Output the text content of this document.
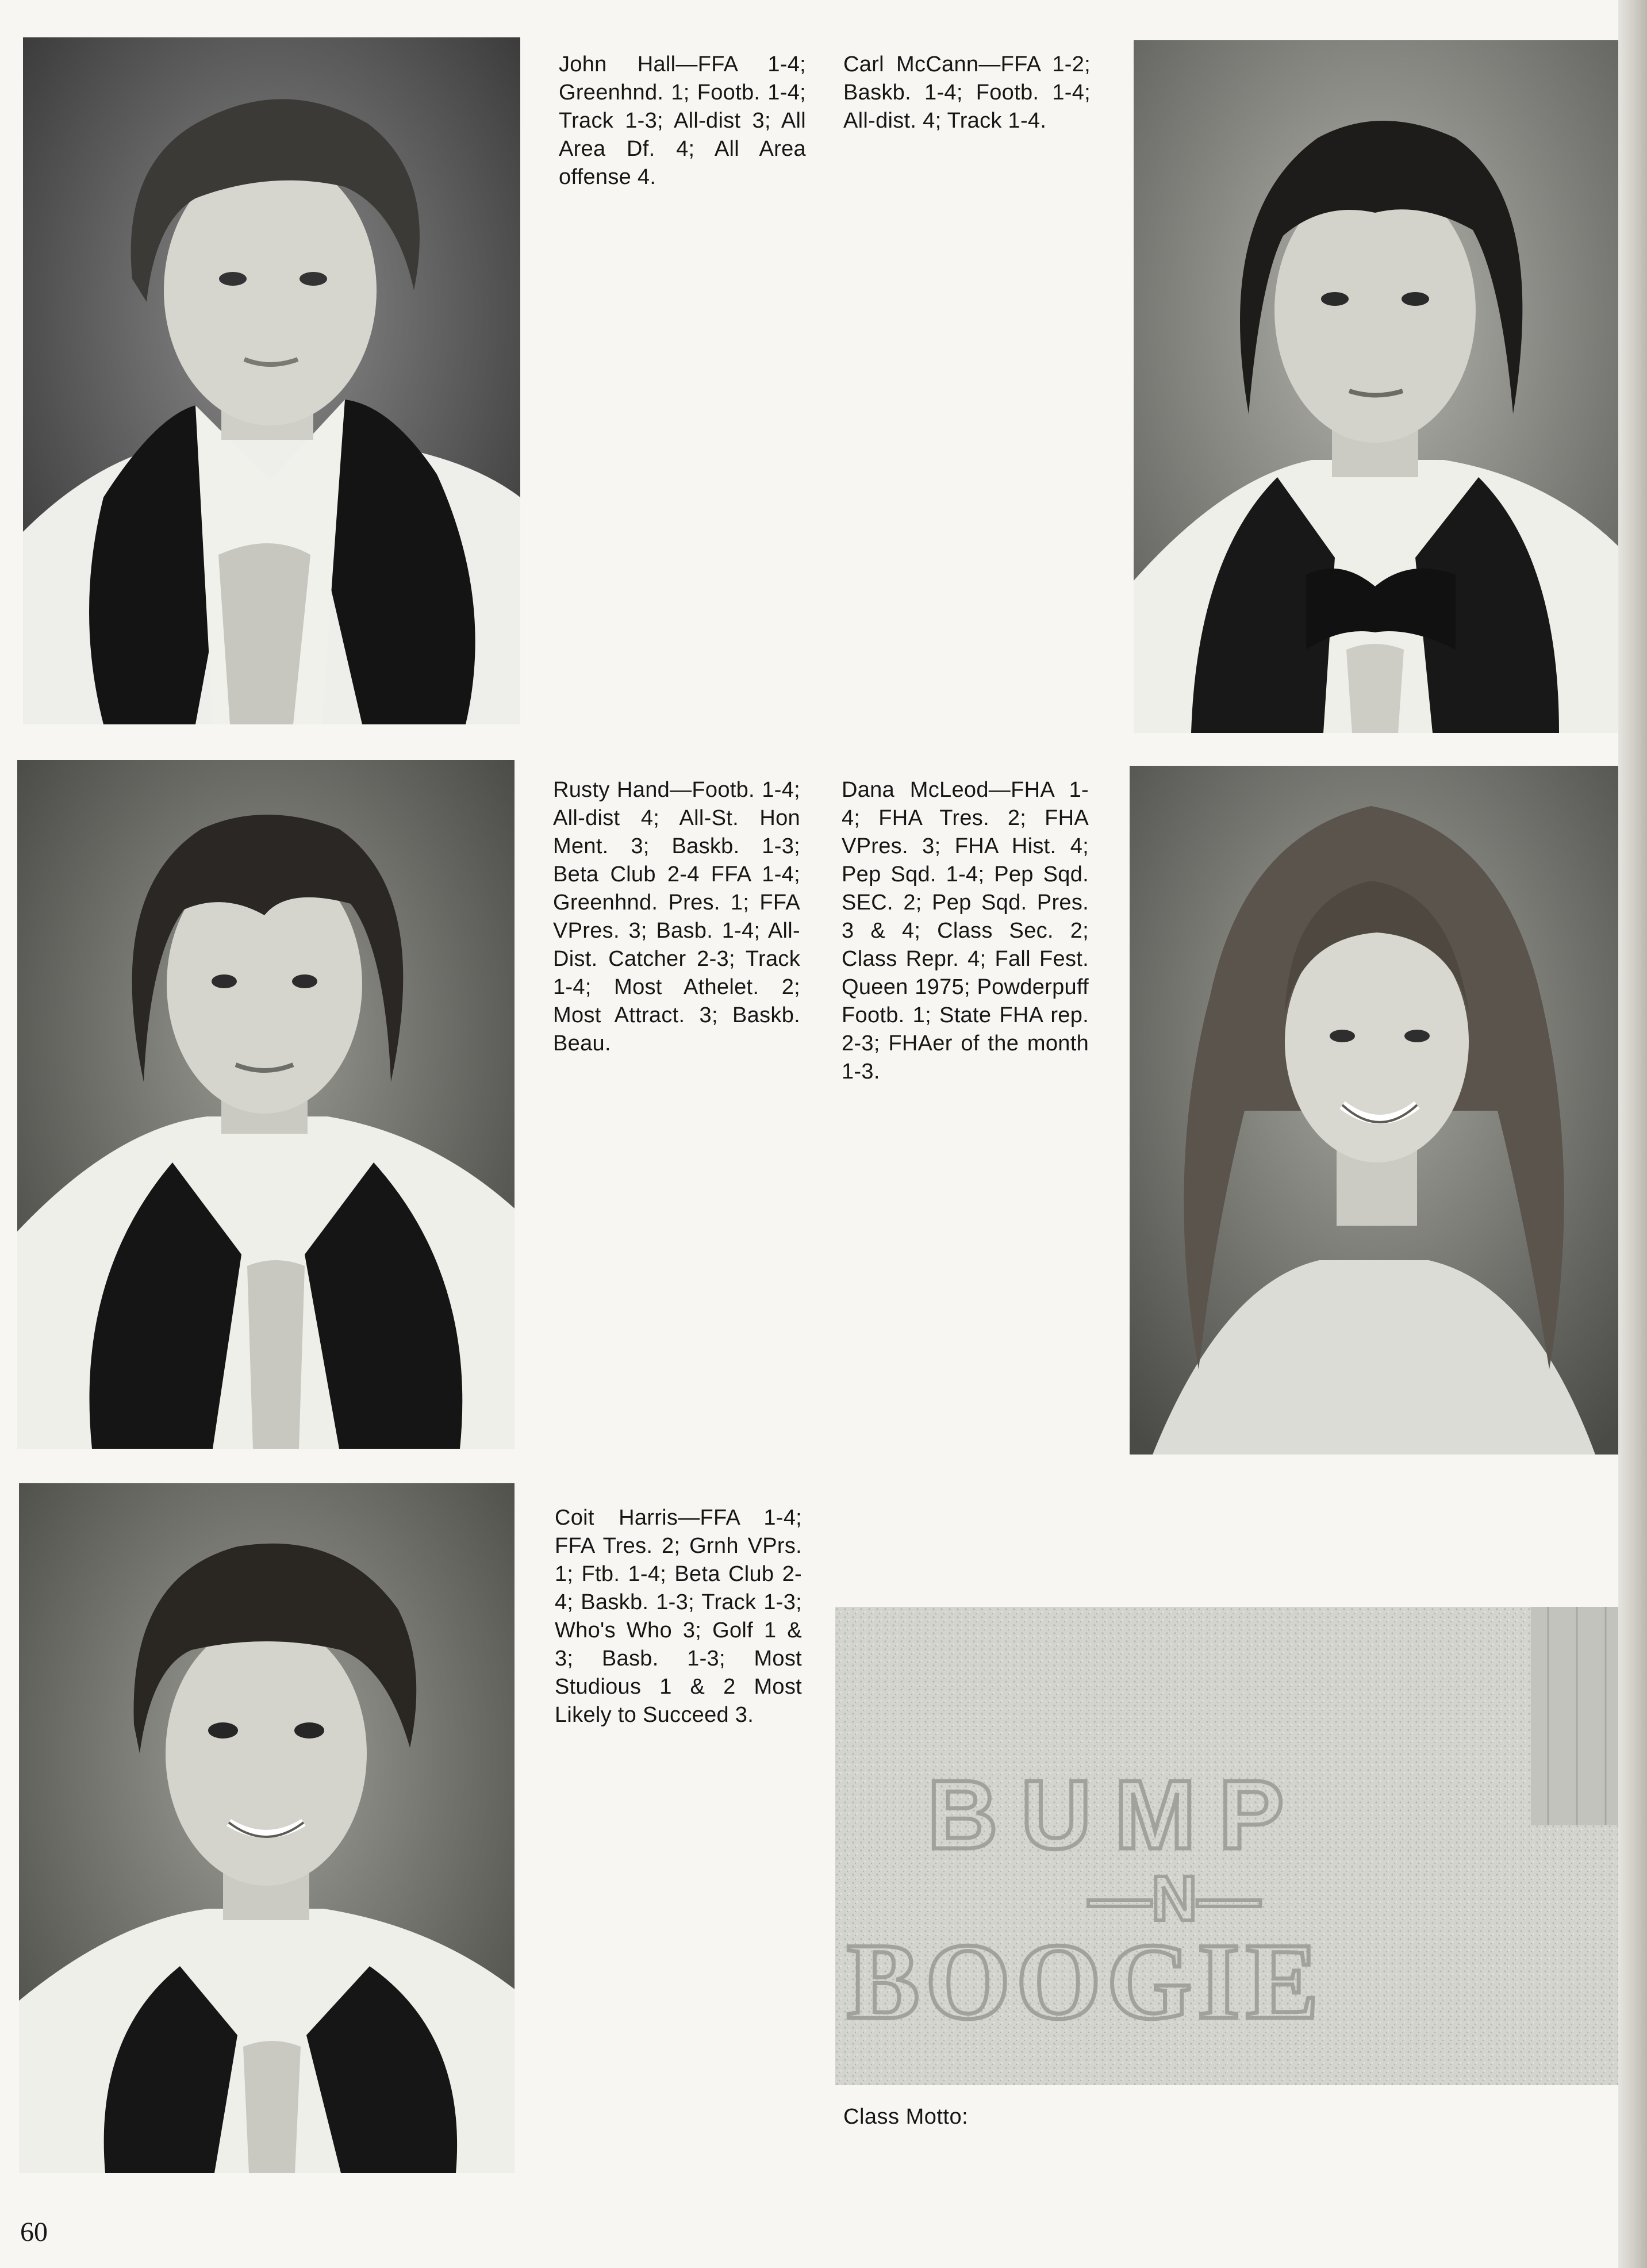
John Hall—FFA 1-4; Greenhnd. 1; Footb. 1-4; Track 1-3; All-dist 3; All Area Df. 4; All Area offense 4.

Carl McCann—FFA 1-2; Baskb. 1-4; Footb. 1-4; All-dist. 4; Track 1-4.

Rusty Hand—Footb. 1-4; All-dist 4; All-St. Hon Ment. 3; Baskb. 1-3; Beta Club 2-4 FFA 1-4; Greenhnd. Pres. 1; FFA VPres. 3; Basb. 1-4; All-Dist. Catcher 2-3; Track 1-4; Most Athelet. 2; Most Attract. 3; Baskb. Beau.

Dana McLeod—FHA 1-4; FHA Tres. 2; FHA VPres. 3; FHA Hist. 4; Pep Sqd. 1-4; Pep Sqd. SEC. 2; Pep Sqd. Pres. 3 & 4; Class Sec. 2; Class Repr. 4; Fall Fest. Queen 1975; Powderpuff Footb. 1; State FHA rep. 2-3; FHAer of the month 1-3.

Coit Harris—FFA 1-4; FFA Tres. 2; Grnh VPrs. 1; Ftb. 1-4; Beta Club 2-4; Baskb. 1-3; Track 1-3; Who's Who 3; Golf 1 & 3; Basb. 1-3; Most Studious 1 & 2 Most Likely to Succeed 3.

BUMP
—N—
BOOGIE

Class Motto:

60
